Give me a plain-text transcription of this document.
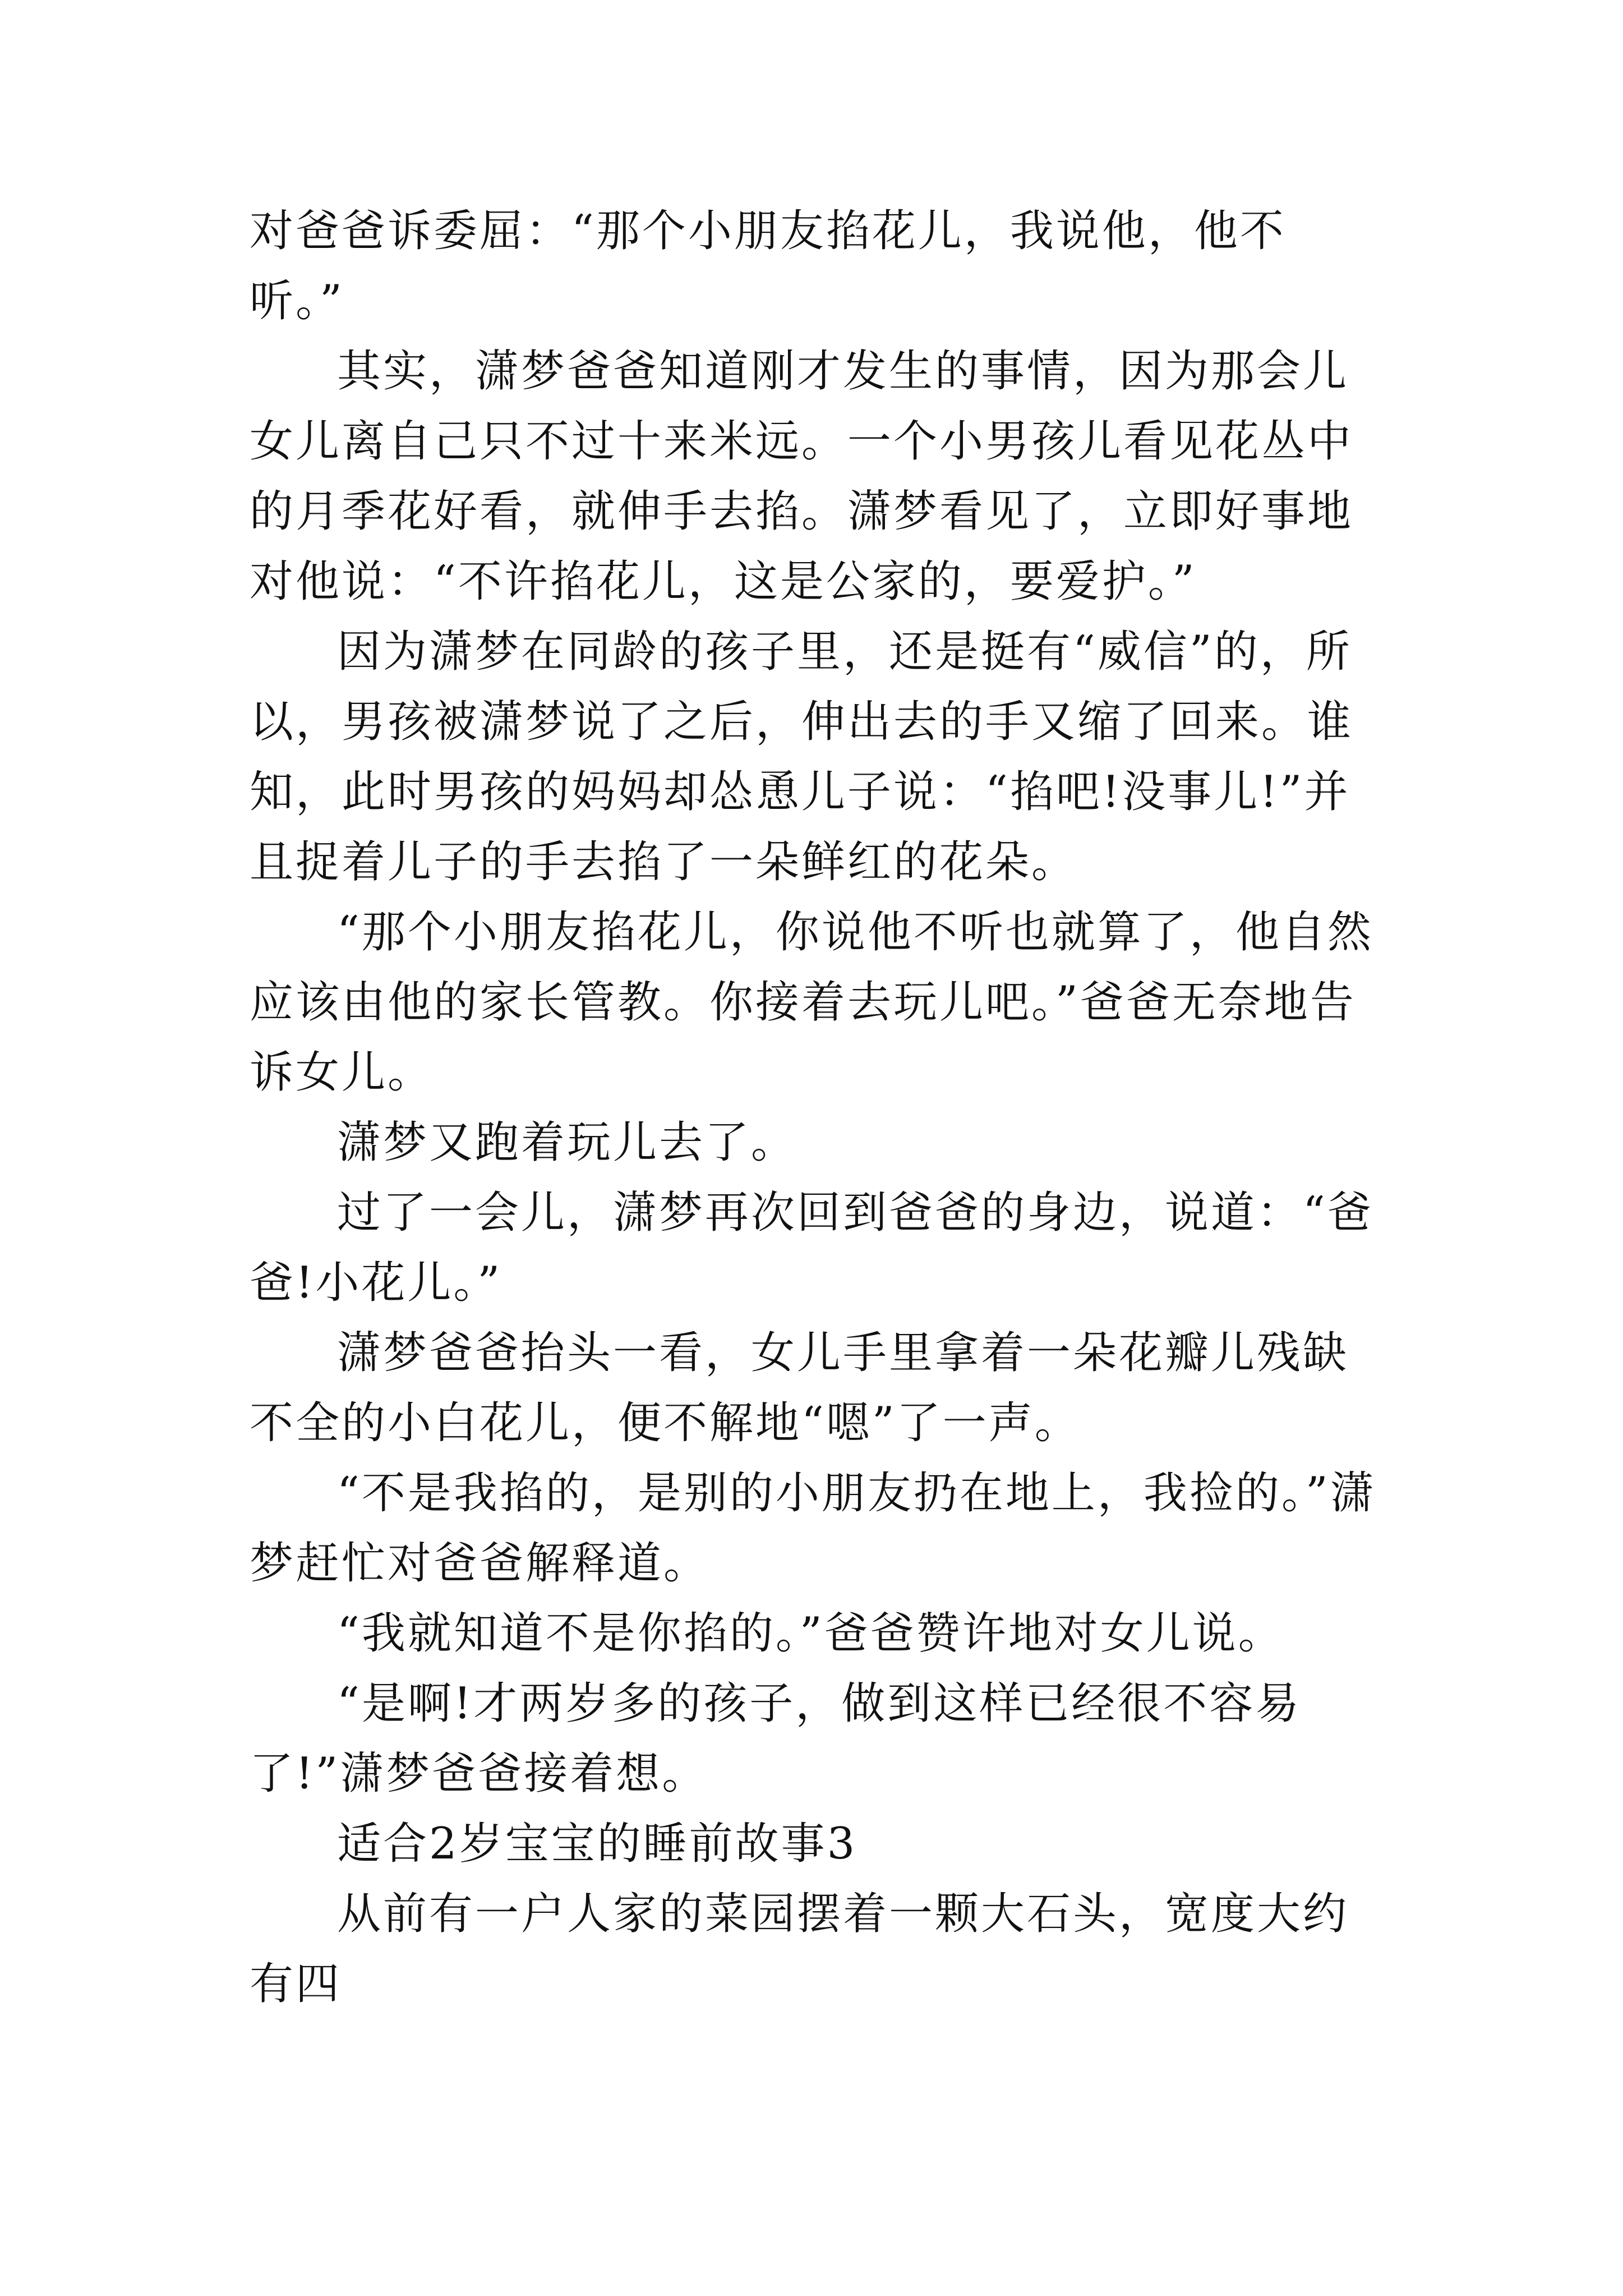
对爸爸诉委屈：“那个小朋友掐花儿，我说他，他不听。”

其实，潇梦爸爸知道刚才发生的事情，因为那会儿女儿离自己只不过十来米远。一个小男孩儿看见花丛中的月季花好看，就伸手去掐。潇梦看见了，立即好事地对他说：“不许掐花儿，这是公家的，要爱护。”

因为潇梦在同龄的孩子里，还是挺有“威信”的，所以，男孩被潇梦说了之后，伸出去的手又缩了回来。谁知，此时男孩的妈妈却怂恿儿子说：“掐吧!没事儿!”并且捉着儿子的手去掐了一朵鲜红的花朵。

“那个小朋友掐花儿，你说他不听也就算了，他自然应该由他的家长管教。你接着去玩儿吧。”爸爸无奈地告诉女儿。

潇梦又跑着玩儿去了。

过了一会儿，潇梦再次回到爸爸的身边，说道：“爸爸!小花儿。”

潇梦爸爸抬头一看，女儿手里拿着一朵花瓣儿残缺不全的小白花儿，便不解地“嗯”了一声。

“不是我掐的，是别的小朋友扔在地上，我捡的。”潇梦赶忙对爸爸解释道。

“我就知道不是你掐的。”爸爸赞许地对女儿说。

“是啊!才两岁多的孩子，做到这样已经很不容易了!”潇梦爸爸接着想。

适合2岁宝宝的睡前故事3

从前有一户人家的菜园摆着一颗大石头，宽度大约有四
